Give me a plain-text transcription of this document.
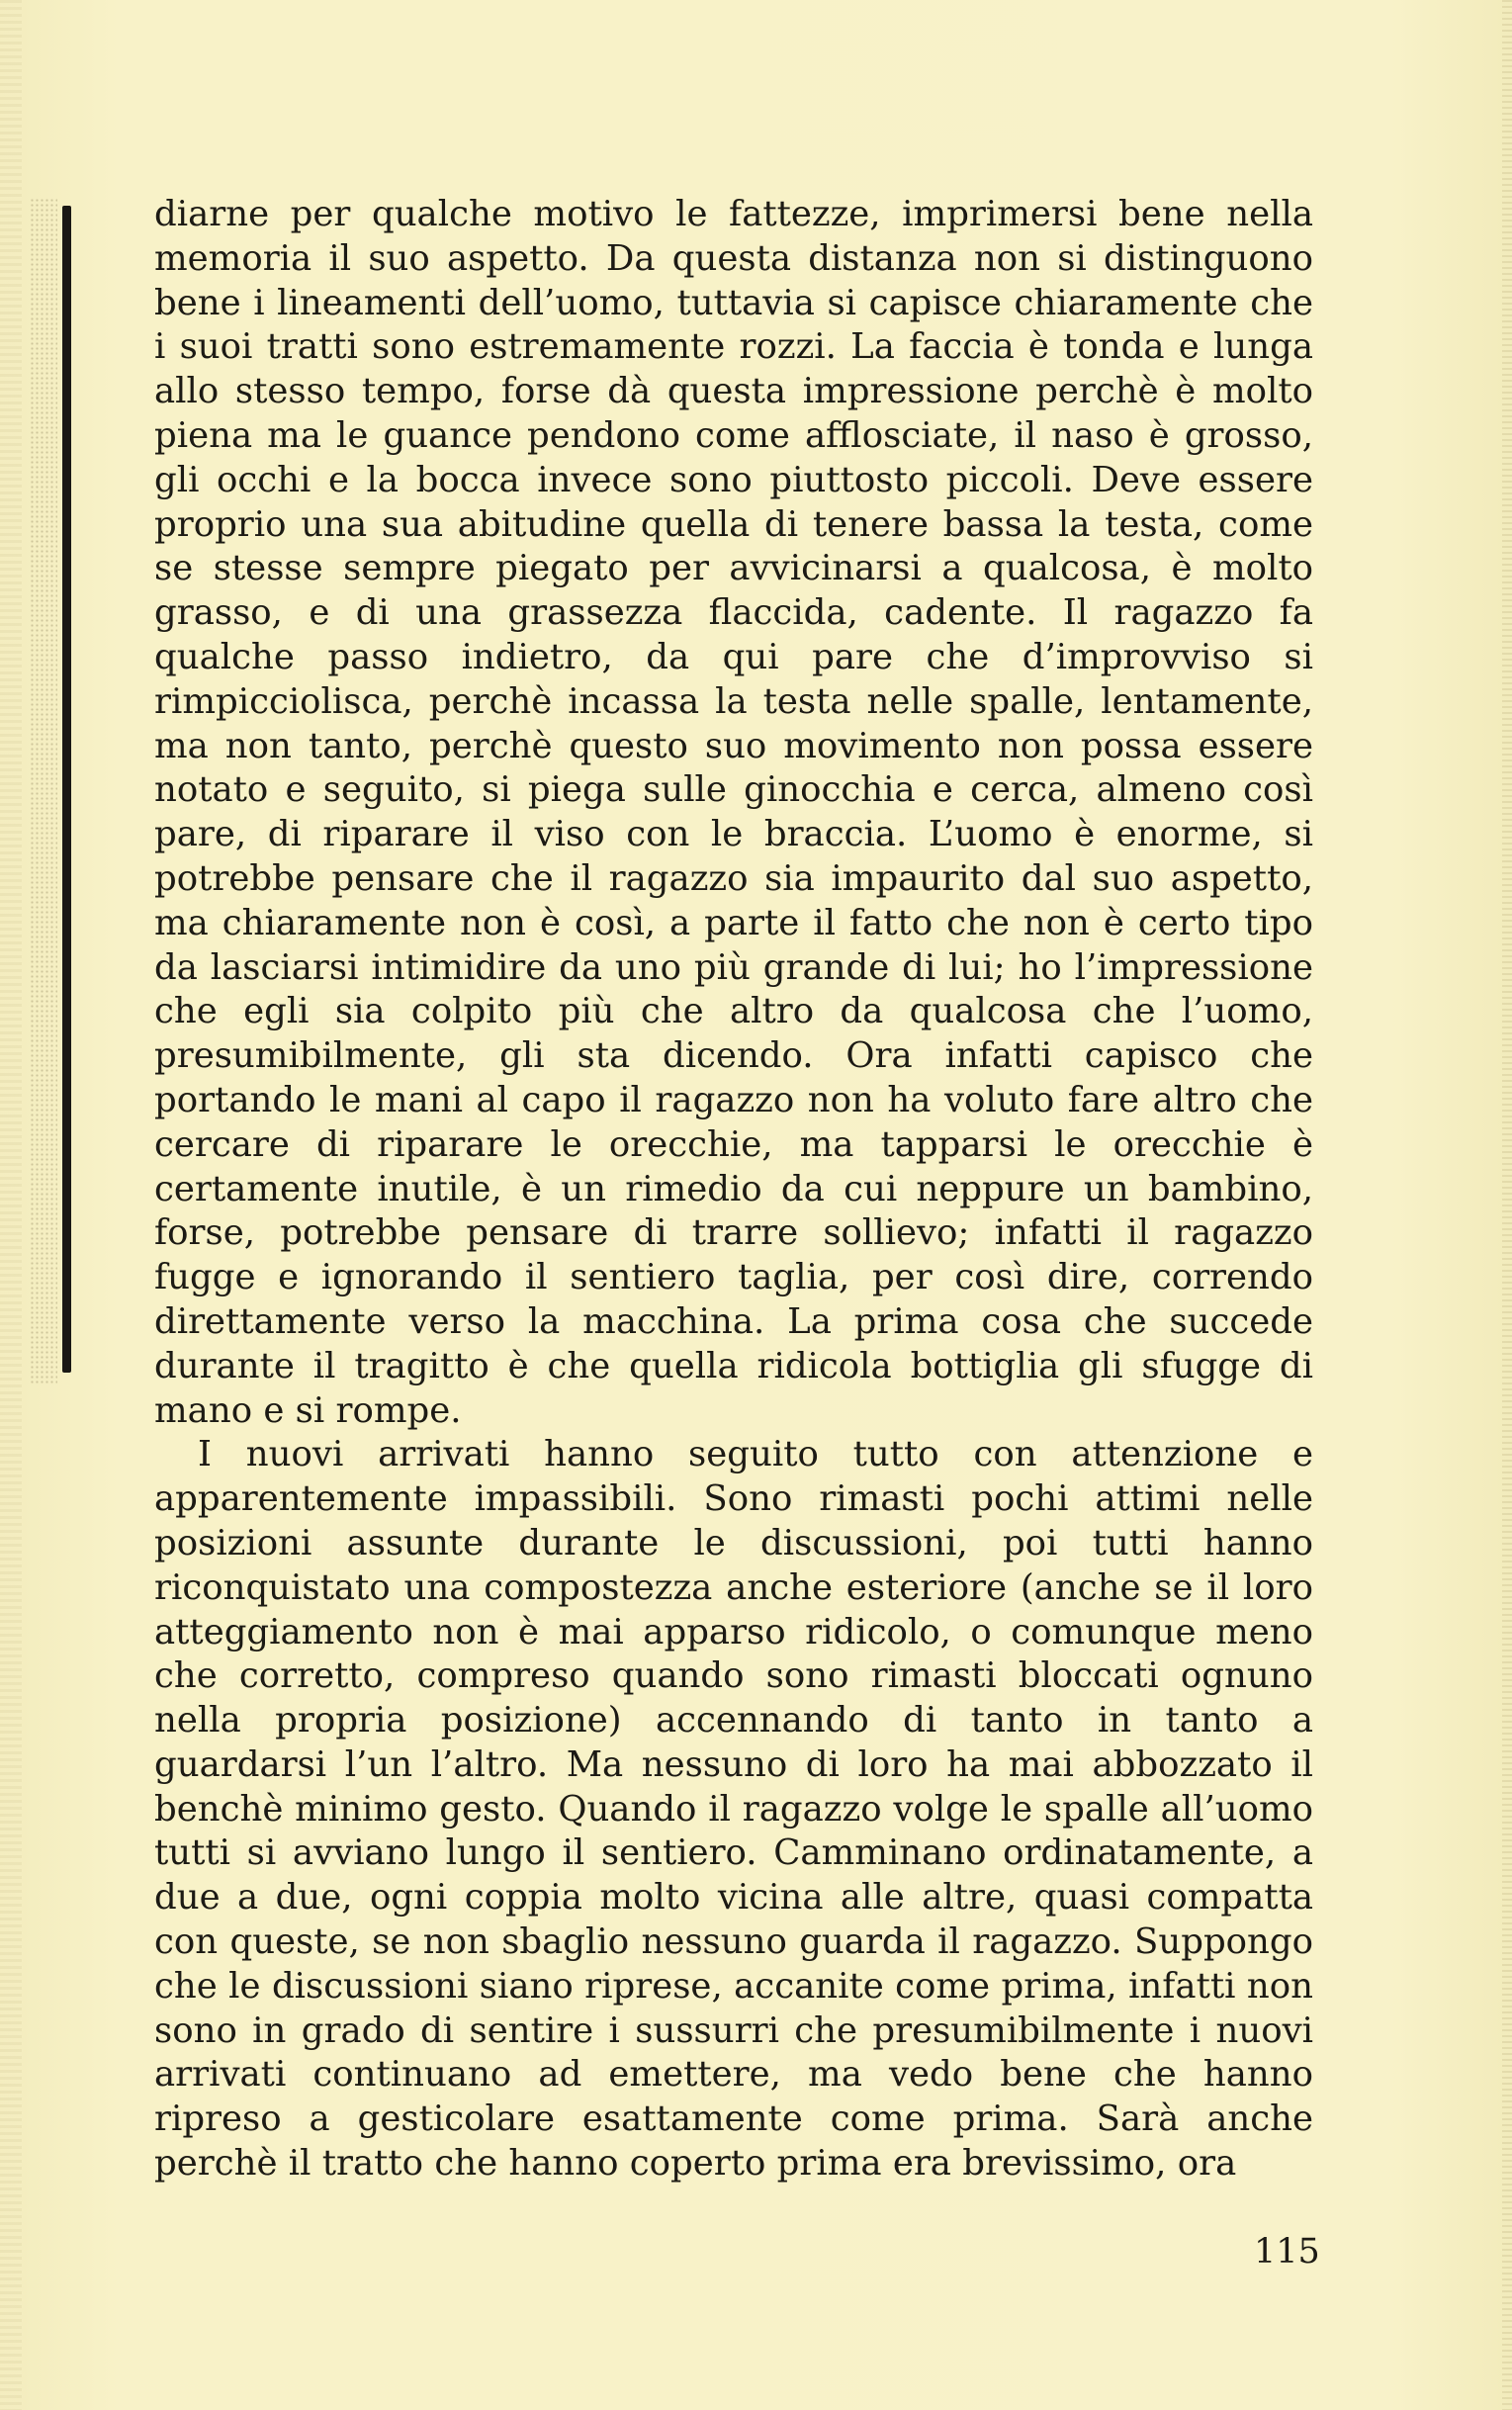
diarne per qualche motivo le fattezze, imprimersi bene nella memoria il suo aspetto. Da questa distanza non si distinguono bene i lineamenti dell’uomo, tuttavia si capisce chiaramente che i suoi tratti sono estremamente rozzi. La faccia è tonda e lunga allo stesso tempo, forse dà questa impressione perchè è molto piena ma le guance pendono come afflosciate, il naso è grosso, gli occhi e la bocca invece sono piuttosto piccoli. Deve essere proprio una sua abitudine quella di tenere bassa la testa, come se stesse sempre piegato per avvicinarsi a qualcosa, è molto grasso, e di una grassezza flaccida, cadente. Il ragazzo fa qualche passo indietro, da qui pare che d’improvviso si rimpicciolisca, perchè incassa la testa nelle spalle, lentamente, ma non tanto, perchè questo suo movimento non possa essere notato e seguito, si piega sulle ginocchia e cerca, almeno così pare, di riparare il viso con le braccia. L’uomo è enorme, si potrebbe pensare che il ragazzo sia impaurito dal suo aspetto, ma chiaramente non è così, a parte il fatto che non è certo tipo da lasciarsi intimidire da uno più grande di lui; ho l’impressione che egli sia colpito più che altro da qualcosa che l’uomo, presumibilmente, gli sta dicendo. Ora infatti capisco che portando le mani al capo il ragazzo non ha voluto fare altro che cercare di riparare le orecchie, ma tapparsi le orecchie è certamente inutile, è un rimedio da cui neppure un bambino, forse, potrebbe pensare di trarre sollievo; infatti il ragazzo fugge e ignorando il sentiero taglia, per così dire, correndo direttamente verso la macchina. La prima cosa che succede durante il tragitto è che quella ridicola bottiglia gli sfugge di mano e si rompe.

I nuovi arrivati hanno seguito tutto con attenzione e apparentemente impassibili. Sono rimasti pochi attimi nelle posizioni assunte durante le discussioni, poi tutti hanno riconquistato una compostezza anche esteriore (anche se il loro atteggiamento non è mai apparso ridicolo, o comunque meno che corretto, compreso quando sono rimasti bloccati ognuno nella propria posizione) accennando di tanto in tanto a guardarsi l’un l’altro. Ma nessuno di loro ha mai abbozzato il benchè minimo gesto. Quando il ragazzo volge le spalle all’uomo tutti si avviano lungo il sentiero. Camminano ordinatamente, a due a due, ogni coppia molto vicina alle altre, quasi compatta con queste, se non sbaglio nessuno guarda il ragazzo. Suppongo che le discussioni siano riprese, accanite come prima, infatti non sono in grado di sentire i sussurri che presumibilmente i nuovi arrivati continuano ad emettere, ma vedo bene che hanno ripreso a gesticolare esattamente come prima. Sarà anche perchè il tratto che hanno coperto prima era brevissimo, ora

115
